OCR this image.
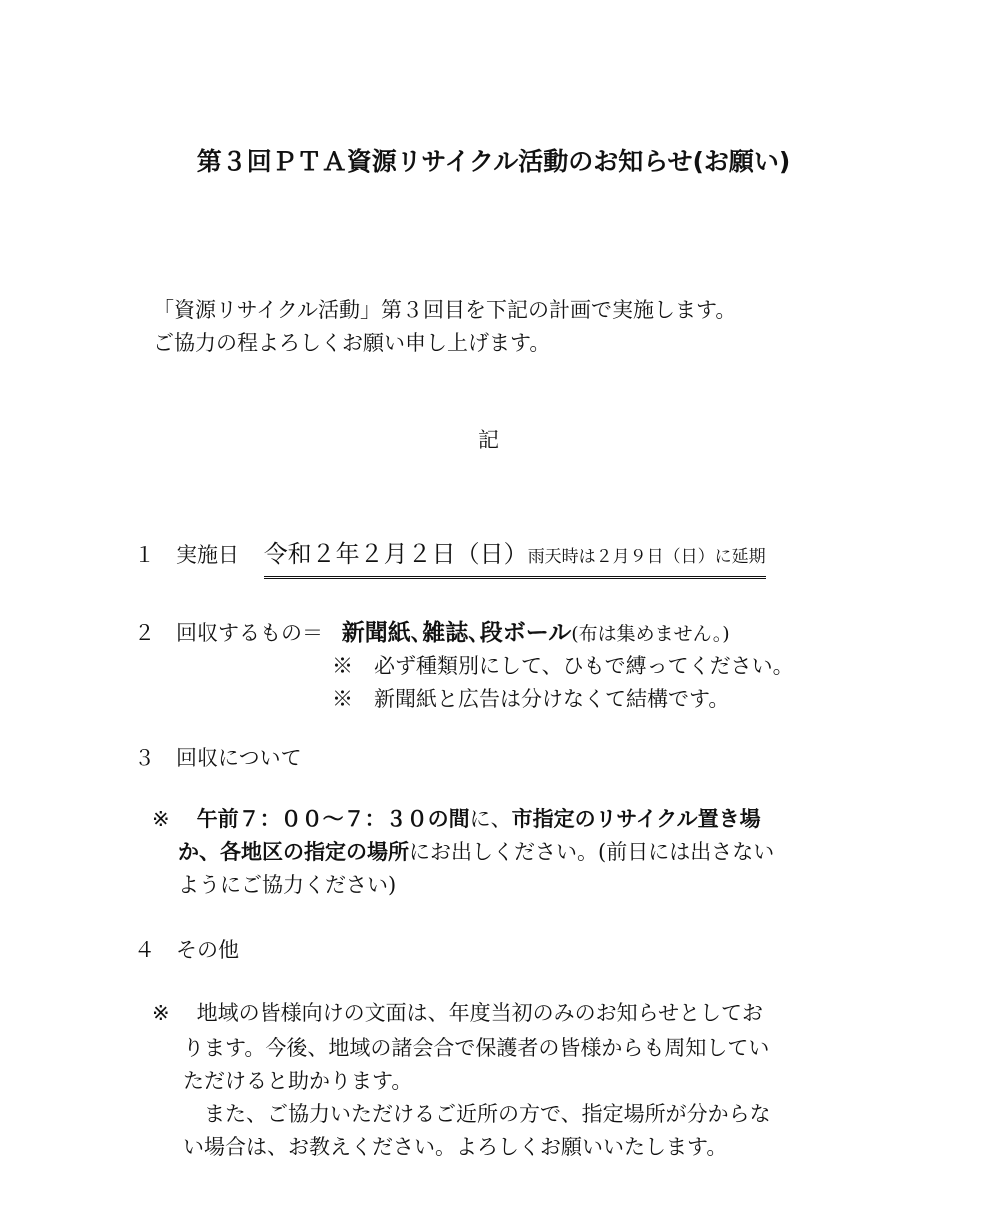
第３回ＰＴＡ資源リサイクル活動のお知らせ(お願い)
「資源リサイクル活動」第３回目を下記の計画で実施します。
ご協力の程よろしくお願い申し上げます。
記
１ 実施日 令和２年２月２日（日）雨天時は２月９日（日）に延期
２ 回収するもの＝ 新聞紙､雑誌､段ボール(布は集めません。)
※　必ず種類別にして、ひもで縛ってください。
※　新聞紙と広告は分けなくて結構です。
３ 回収について
※ 午前７：００～７：３０の間に、市指定のリサイクル置き場
か、各地区の指定の場所にお出しください。(前日には出さない
ようにご協力ください)
４ その他
※ 地域の皆様向けの文面は、年度当初のみのお知らせとしてお
ります。今後、地域の諸会合で保護者の皆様からも周知してい
ただけると助かります。
　また、ご協力いただけるご近所の方で、指定場所が分からな
い場合は、お教えください。よろしくお願いいたします。
